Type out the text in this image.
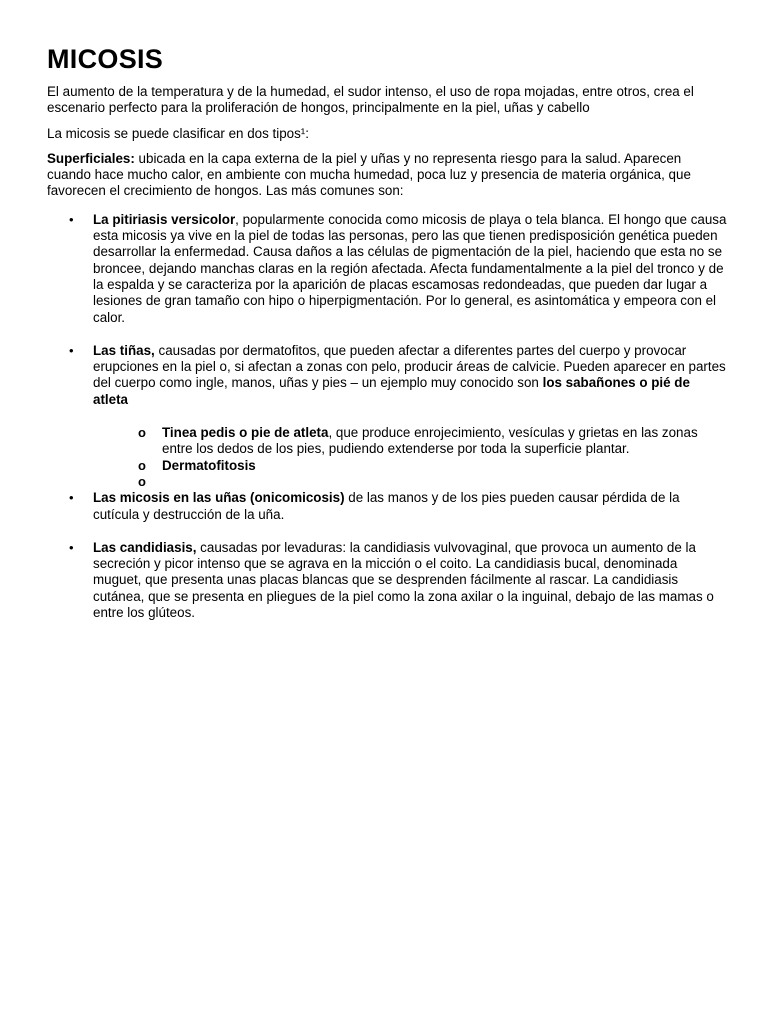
MICOSIS

El aumento de la temperatura y de la humedad, el sudor intenso, el uso de ropa mojadas, entre otros, crea el escenario perfecto para la proliferación de hongos, principalmente en la piel, uñas y cabello

La micosis se puede clasificar en dos tipos¹:

Superficiales: ubicada en la capa externa de la piel y uñas y no representa riesgo para la salud. Aparecen cuando hace mucho calor, en ambiente con mucha humedad, poca luz y presencia de materia orgánica, que favorecen el crecimiento de hongos. Las más comunes son:

• La pitiriasis versicolor, popularmente conocida como micosis de playa o tela blanca. El hongo que causa esta micosis ya vive en la piel de todas las personas, pero las que tienen predisposición genética pueden desarrollar la enfermedad. Causa daños a las células de pigmentación de la piel, haciendo que esta no se broncee, dejando manchas claras en la región afectada. Afecta fundamentalmente a la piel del tronco y de la espalda y se caracteriza por la aparición de placas escamosas redondeadas, que pueden dar lugar a lesiones de gran tamaño con hipo o hiperpigmentación. Por lo general, es asintomática y empeora con el calor.
• Las tiñas, causadas por dermatofitos, que pueden afectar a diferentes partes del cuerpo y provocar erupciones en la piel o, si afectan a zonas con pelo, producir áreas de calvicie. Pueden aparecer en partes del cuerpo como ingle, manos, uñas y pies – un ejemplo muy conocido son los sabañones o pié de atleta
o Tinea pedis o pie de atleta, que produce enrojecimiento, vesículas y grietas en las zonas entre los dedos de los pies, pudiendo extenderse por toda la superficie plantar.
o Dermatofitosis
o
• Las micosis en las uñas (onicomicosis) de las manos y de los pies pueden causar pérdida de la cutícula y destrucción de la uña.
• Las candidiasis, causadas por levaduras: la candidiasis vulvovaginal, que provoca un aumento de la secreción y picor intenso que se agrava en la micción o el coito. La candidiasis bucal, denominada muguet, que presenta unas placas blancas que se desprenden fácilmente al rascar. La candidiasis cutánea, que se presenta en pliegues de la piel como la zona axilar o la inguinal, debajo de las mamas o entre los glúteos.
